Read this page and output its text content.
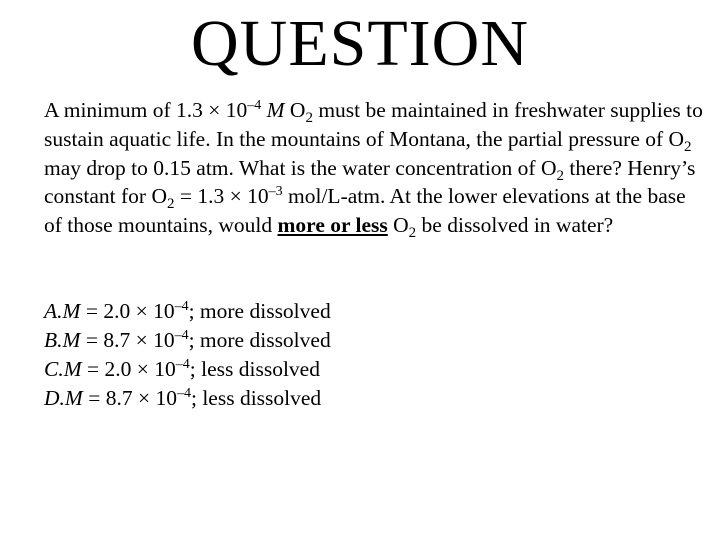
QUESTION

A minimum of $1.3 \times 10^{-4}$ M $O_2$ must be maintained in freshwater supplies to sustain aquatic life. In the mountains of Montana, the partial pressure of $O_2$ may drop to 0.15 atm. What is the water concentration of $O_2$ there? Henry’s constant for $O_2 = 1.3 \times 10^{-3}$ mol/L-atm. At the lower elevations at the base of those mountains, would more or less $O_2$ be dissolved in water?

$A.M = 2.0 \times 10^{-4}$; more dissolved
$B.M = 8.7 \times 10^{-4}$; more dissolved
$C.M = 2.0 \times 10^{-4}$; less dissolved
$D.M = 8.7 \times 10^{-4}$; less dissolved
